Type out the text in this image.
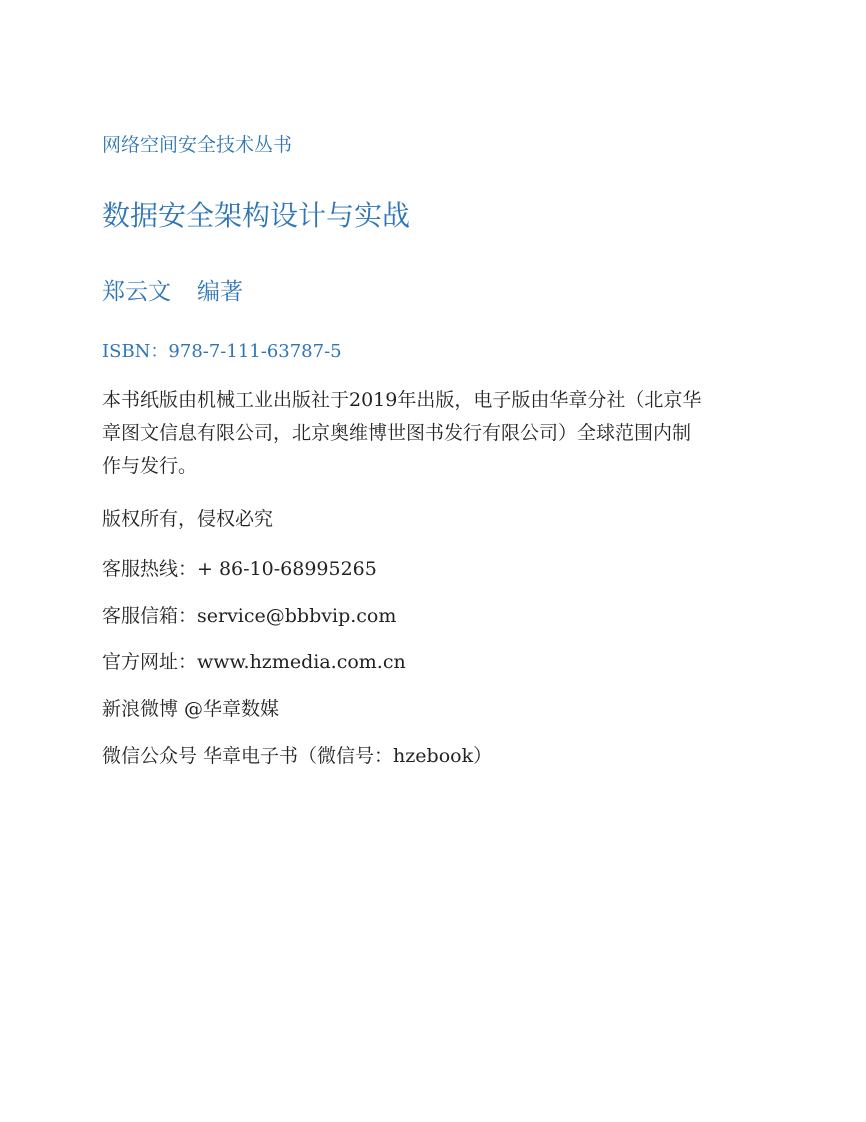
网络空间安全技术丛书

数据安全架构设计与实战

郑云文 编著

ISBN：978-7-111-63787-5

本书纸版由机械工业出版社于2019年出版，电子版由华章分社（北京华
章图文信息有限公司，北京奥维博世图书发行有限公司）全球范围内制
作与发行。

版权所有，侵权必究

客服热线：+ 86-10-68995265

客服信箱：service@bbbvip.com

官方网址：www.hzmedia.com.cn

新浪微博 @华章数媒

微信公众号 华章电子书（微信号：hzebook）
